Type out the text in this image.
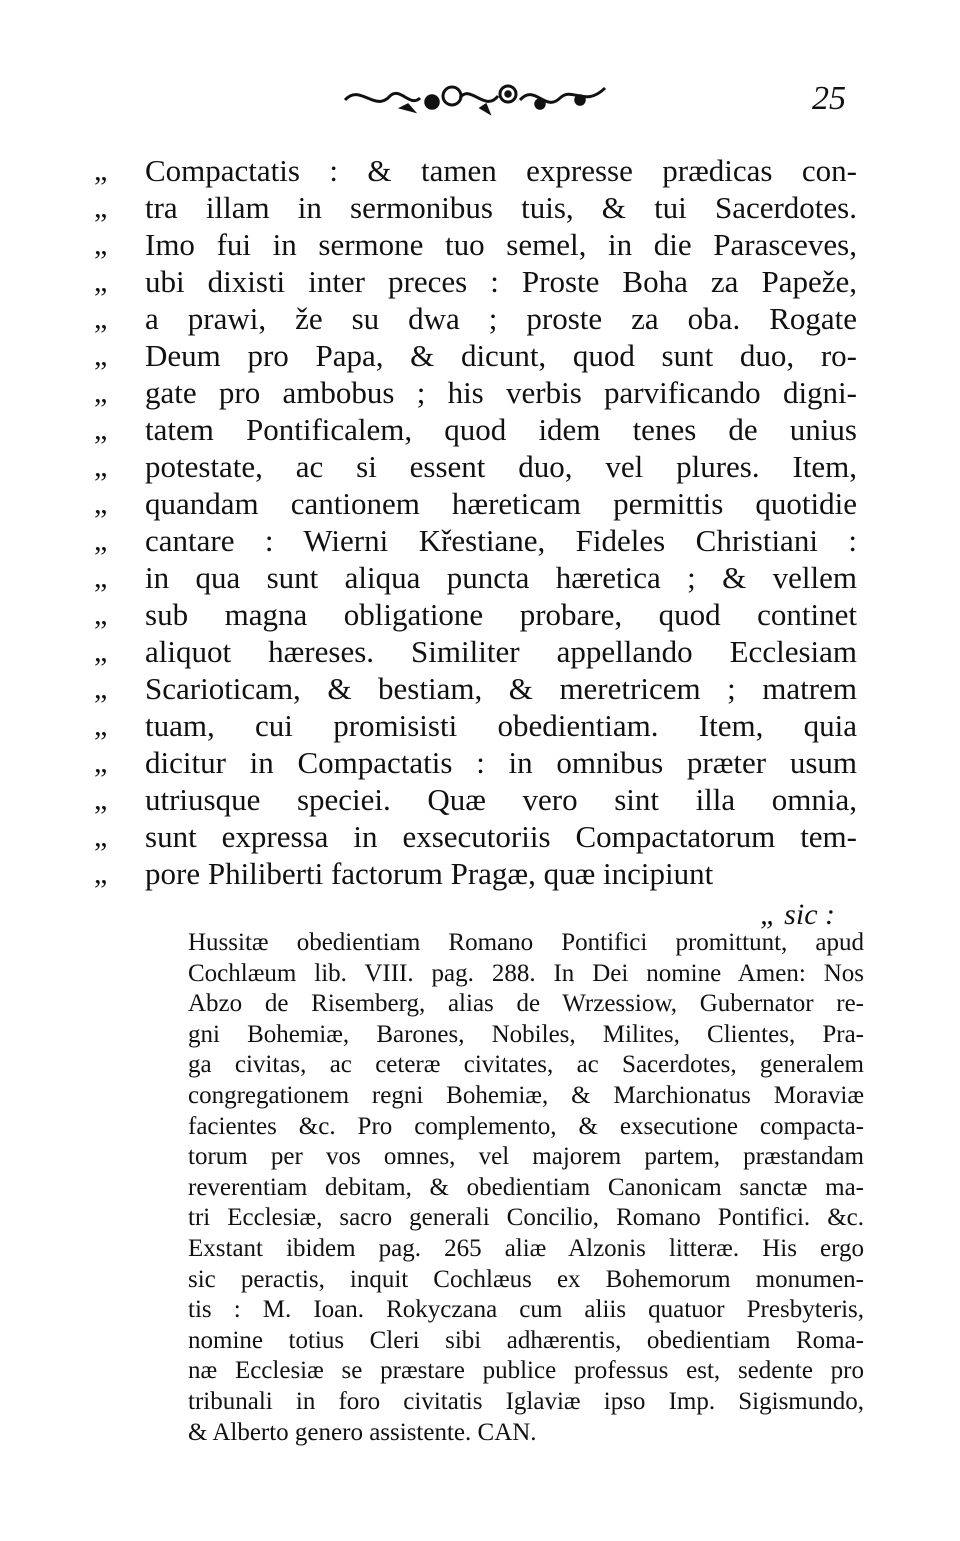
25
„ Compactatis : & tamen expresse prædicas con-
„ tra illam in sermonibus tuis, & tui Sacerdotes.
„ Imo fui in sermone tuo semel, in die Parasceves,
„ ubi dixisti inter preces : Proste Boha za Papeže,
„ a prawi, že su dwa ; proste za oba. Rogate
„ Deum pro Papa, & dicunt, quod sunt duo, ro-
„ gate pro ambobus ; his verbis parvificando digni-
„ tatem Pontificalem, quod idem tenes de unius
„ potestate, ac si essent duo, vel plures. Item,
„ quandam cantionem hæreticam permittis quotidie
„ cantare : Wierni Křestiane, Fideles Christiani :
„ in qua sunt aliqua puncta hæretica ; & vellem
„ sub magna obligatione probare, quod continet
„ aliquot hæreses. Similiter appellando Ecclesiam
„ Scarioticam, & bestiam, & meretricem ; matrem
„ tuam, cui promisisti obedientiam. Item, quia
„ dicitur in Compactatis : in omnibus præter usum
„ utriusque speciei. Quæ vero sint illa omnia,
„ sunt expressa in exsecutoriis Compactatorum tem-
„ pore Philiberti factorum Pragæ, quæ incipiunt
„ sic :
Hussitæ obedientiam Romano Pontifici promittunt, apud
Cochlæum lib. VIII. pag. 288. In Dei nomine Amen: Nos
Abzo de Risemberg, alias de Wrzessiow, Gubernator re-
gni Bohemiæ, Barones, Nobiles, Milites, Clientes, Pra-
ga civitas, ac ceteræ civitates, ac Sacerdotes, generalem
congregationem regni Bohemiæ, & Marchionatus Moraviæ
facientes &c. Pro complemento, & exsecutione compacta-
torum per vos omnes, vel majorem partem, præstandam
reverentiam debitam, & obedientiam Canonicam sanctæ ma-
tri Ecclesiæ, sacro generali Concilio, Romano Pontifici. &c.
Exstant ibidem pag. 265 aliæ Alzonis litteræ. His ergo
sic peractis, inquit Cochlæus ex Bohemorum monumen-
tis : M. Ioan. Rokyczana cum aliis quatuor Presbyteris,
nomine totius Cleri sibi adhærentis, obedientiam Roma-
næ Ecclesiæ se præstare publice professus est, sedente pro
tribunali in foro civitatis Iglaviæ ipso Imp. Sigismundo,
& Alberto genero assistente. CAN.
